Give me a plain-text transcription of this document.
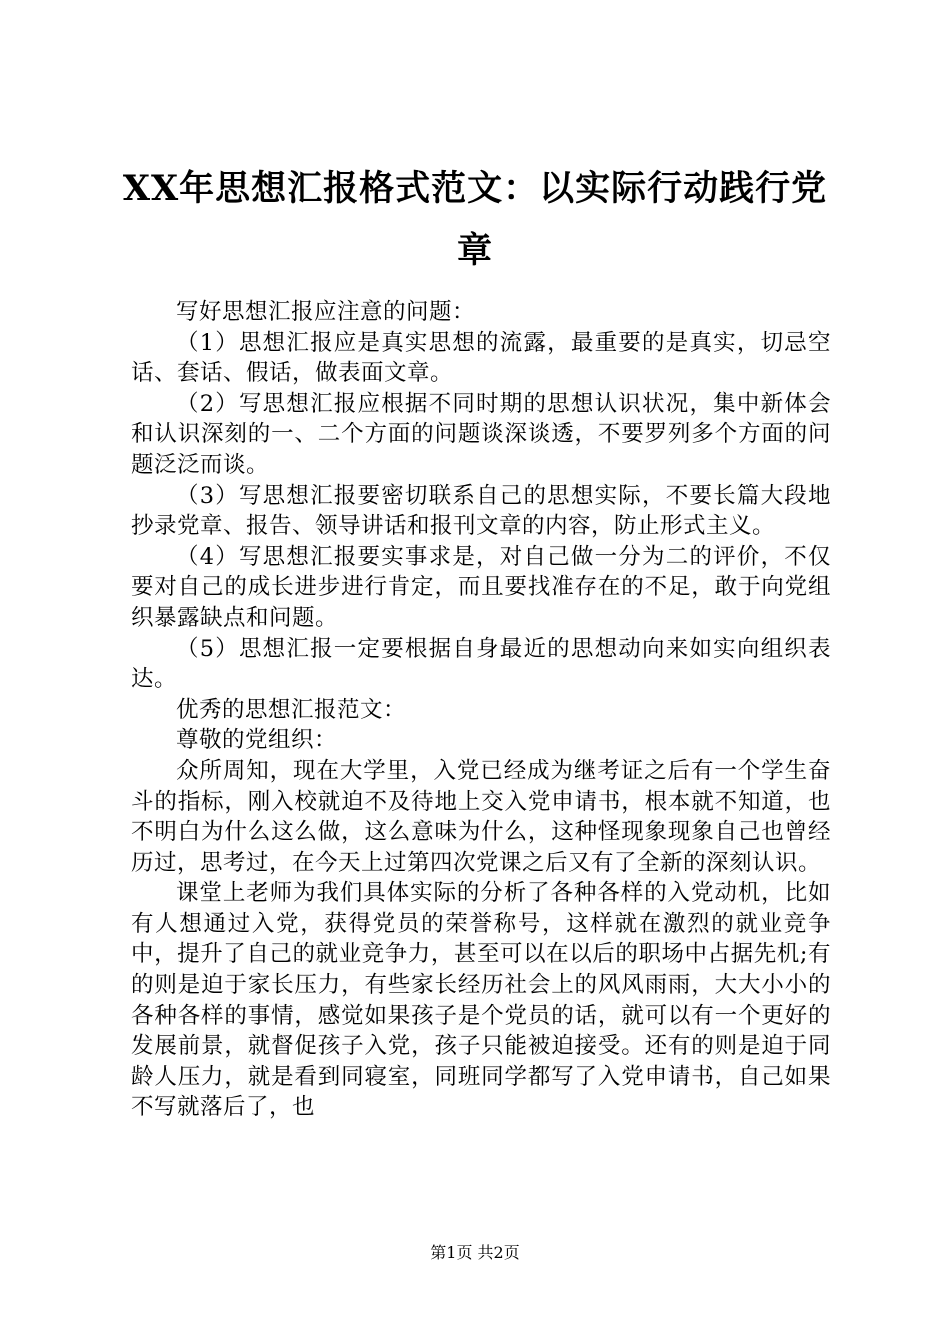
XX年思想汇报格式范文：以实际行动践行党章

写好思想汇报应注意的问题：

（1）思想汇报应是真实思想的流露，最重要的是真实，切忌空话、套话、假话，做表面文章。

（2）写思想汇报应根据不同时期的思想认识状况，集中新体会和认识深刻的一、二个方面的问题谈深谈透，不要罗列多个方面的问题泛泛而谈。

（3）写思想汇报要密切联系自己的思想实际，不要长篇大段地抄录党章、报告、领导讲话和报刊文章的内容，防止形式主义。

（4）写思想汇报要实事求是，对自己做一分为二的评价，不仅要对自己的成长进步进行肯定，而且要找准存在的不足，敢于向党组织暴露缺点和问题。

（5）思想汇报一定要根据自身最近的思想动向来如实向组织表达。

优秀的思想汇报范文：

尊敬的党组织：

众所周知，现在大学里，入党已经成为继考证之后有一个学生奋斗的指标，刚入校就迫不及待地上交入党申请书，根本就不知道，也不明白为什么这么做，这么意味为什么，这种怪现象现象自己也曾经历过，思考过，在今天上过第四次党课之后又有了全新的深刻认识。

课堂上老师为我们具体实际的分析了各种各样的入党动机，比如有人想通过入党，获得党员的荣誉称号，这样就在激烈的就业竞争中，提升了自己的就业竞争力，甚至可以在以后的职场中占据先机;有的则是迫于家长压力，有些家长经历社会上的风风雨雨，大大小小的各种各样的事情，感觉如果孩子是个党员的话，就可以有一个更好的发展前景，就督促孩子入党，孩子只能被迫接受。还有的则是迫于同龄人压力，就是看到同寝室，同班同学都写了入党申请书，自己如果不写就落后了，也

第1页 共2页
